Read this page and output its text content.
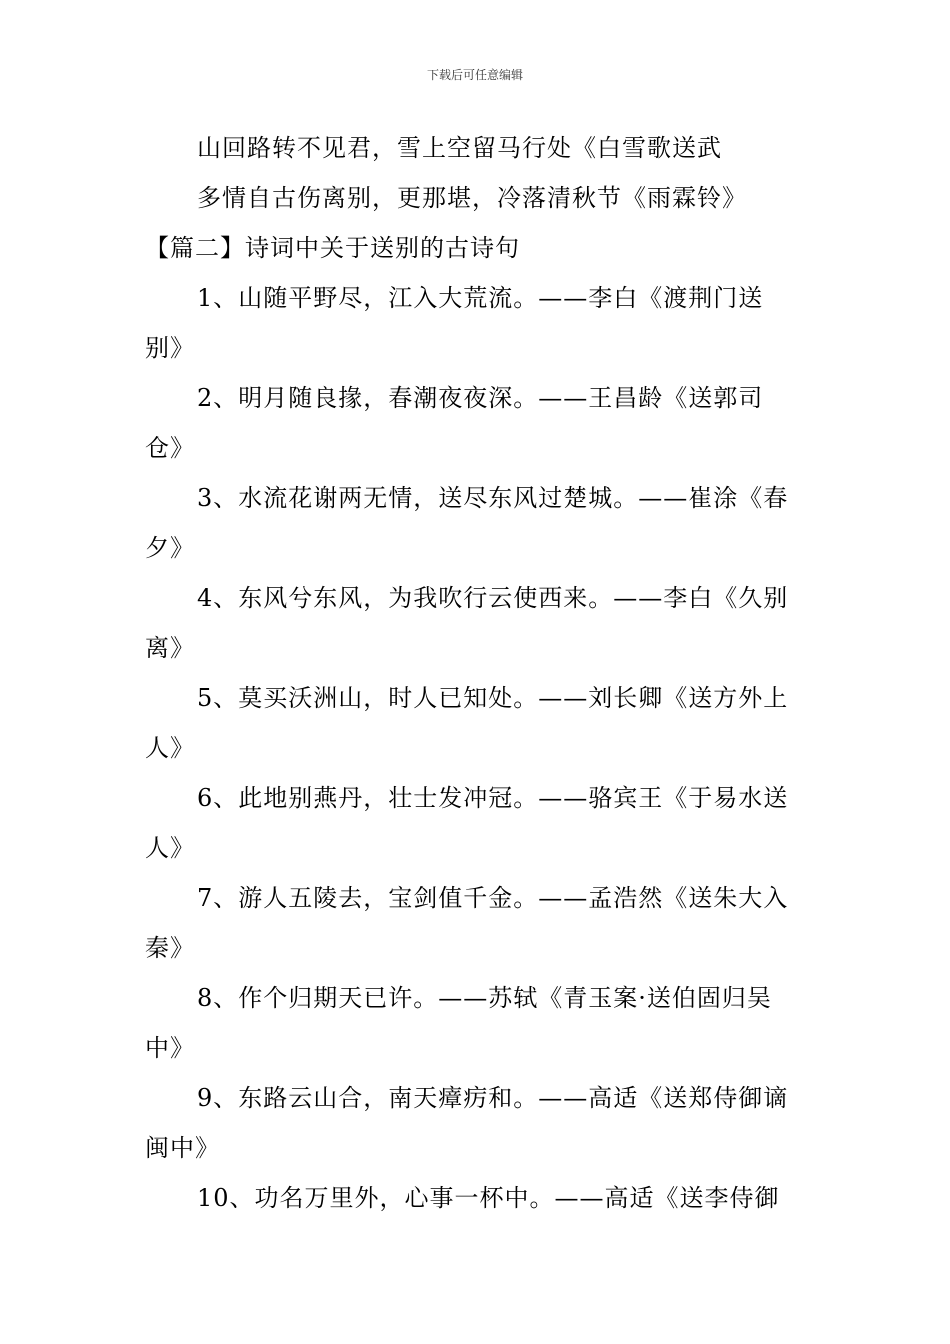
下载后可任意编辑
山回路转不见君，雪上空留马行处《白雪歌送武
多情自古伤离别，更那堪，冷落清秋节《雨霖铃》
【篇二】诗词中关于送别的古诗句
1、山随平野尽，江入大荒流。——李白《渡荆门送
别》
2、明月随良掾，春潮夜夜深。——王昌龄《送郭司
仓》
3、水流花谢两无情，送尽东风过楚城。——崔涂《春
夕》
4、东风兮东风，为我吹行云使西来。——李白《久别
离》
5、莫买沃洲山，时人已知处。——刘长卿《送方外上
人》
6、此地别燕丹，壮士发冲冠。——骆宾王《于易水送
人》
7、游人五陵去，宝剑值千金。——孟浩然《送朱大入
秦》
8、作个归期天已许。——苏轼《青玉案·送伯固归吴
中》
9、东路云山合，南天瘴疠和。——高适《送郑侍御谪
闽中》
10、功名万里外，心事一杯中。——高适《送李侍御
